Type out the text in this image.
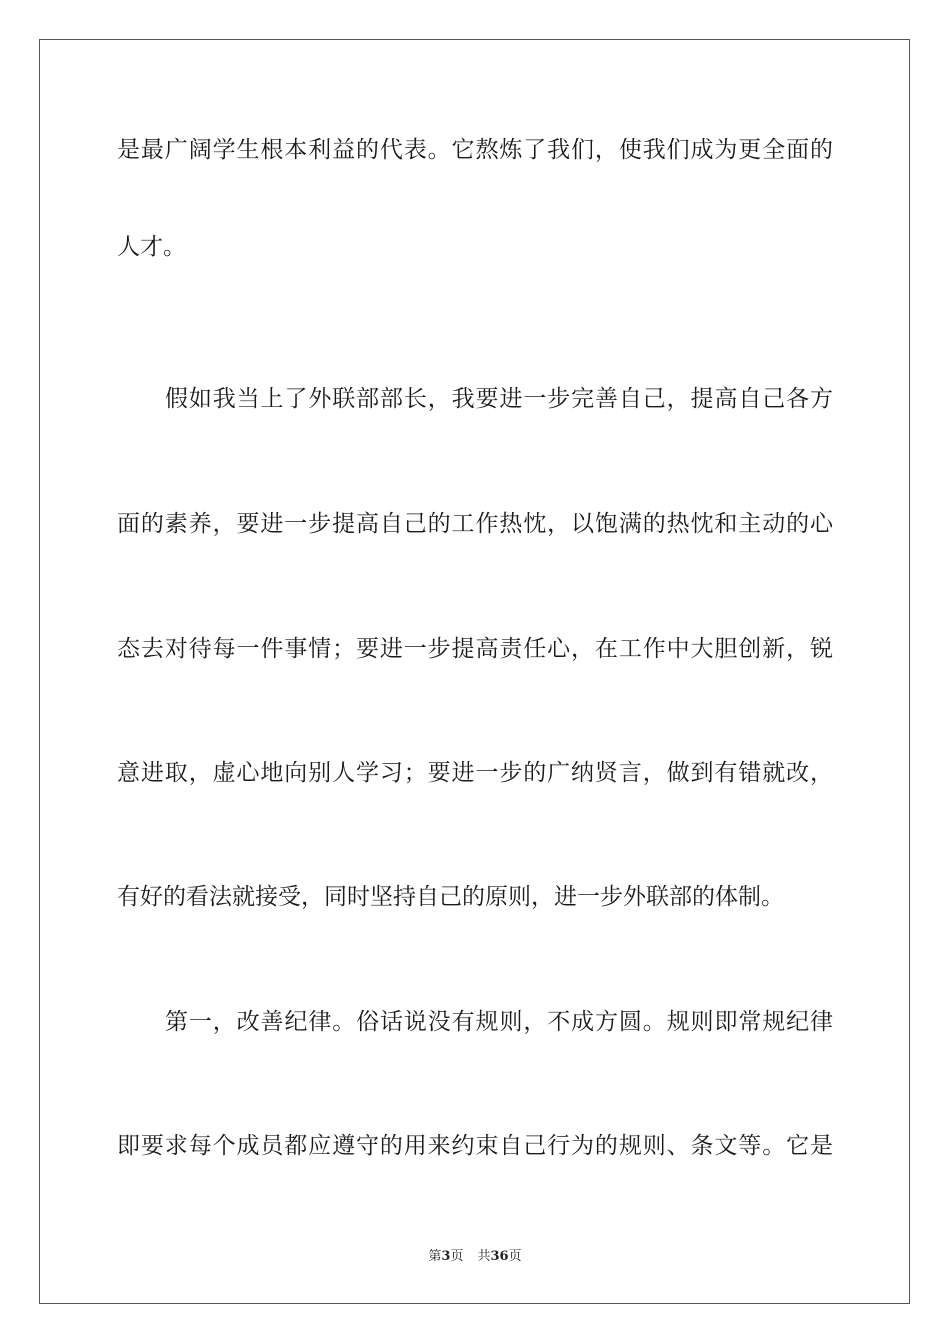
是最广阔学生根本利益的代表。它熬炼了我们，使我们成为更全面的
人才。
假如我当上了外联部部长，我要进一步完善自己，提高自己各方
面的素养，要进一步提高自己的工作热忱，以饱满的热忱和主动的心
态去对待每一件事情；要进一步提高责任心，在工作中大胆创新，锐
意进取，虚心地向别人学习；要进一步的广纳贤言，做到有错就改，
有好的看法就接受，同时坚持自己的原则，进一步外联部的体制。
第一，改善纪律。俗话说没有规则，不成方圆。规则即常规纪律
即要求每个成员都应遵守的用来约束自己行为的规则、条文等。它是
第3页 共36页
